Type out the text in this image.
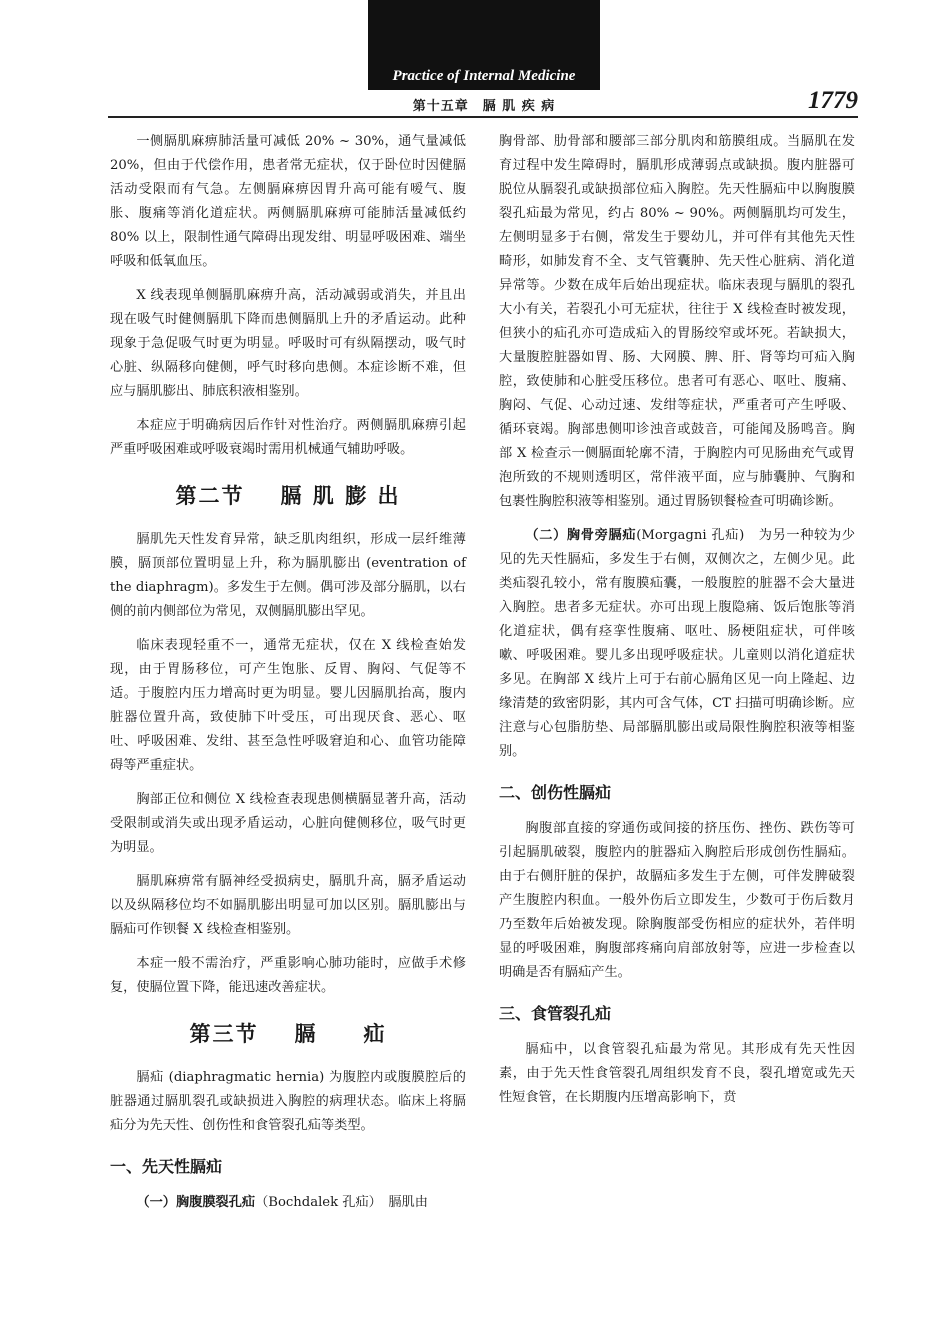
Practice of Internal Medicine
第十五章　膈 肌 疾 病	1779

一侧膈肌麻痹肺活量可减低 20% ~ 30%，通气量减低 20%，但由于代偿作用，患者常无症状，仅于卧位时因健膈活动受限而有气急。左侧膈麻痹因胃升高可能有嗳气、腹胀、腹痛等消化道症状。两侧膈肌麻痹可能肺活量减低约 80% 以上，限制性通气障碍出现发绀、明显呼吸困难、端坐呼吸和低氧血压。

X 线表现单侧膈肌麻痹升高，活动减弱或消失，并且出现在吸气时健侧膈肌下降而患侧膈肌上升的矛盾运动。此种现象于急促吸气时更为明显。呼吸时可有纵隔摆动，吸气时心脏、纵隔移向健侧，呼气时移向患侧。本症诊断不难，但应与膈肌膨出、肺底积液相鉴别。

本症应于明确病因后作针对性治疗。两侧膈肌麻痹引起严重呼吸困难或呼吸衰竭时需用机械通气辅助呼吸。

第二节 膈 肌 膨 出

膈肌先天性发育异常，缺乏肌肉组织，形成一层纤维薄膜，膈顶部位置明显上升，称为膈肌膨出 (eventration of the diaphragm)。多发生于左侧。偶可涉及部分膈肌，以右侧的前内侧部位为常见，双侧膈肌膨出罕见。

临床表现轻重不一，通常无症状，仅在 X 线检查始发现，由于胃肠移位，可产生饱胀、反胃、胸闷、气促等不适。于腹腔内压力增高时更为明显。婴儿因膈肌抬高，腹内脏器位置升高，致使肺下叶受压，可出现厌食、恶心、呕吐、呼吸困难、发绀、甚至急性呼吸窘迫和心、血管功能障碍等严重症状。

胸部正位和侧位 X 线检查表现患侧横膈显著升高，活动受限制或消失或出现矛盾运动，心脏向健侧移位，吸气时更为明显。

膈肌麻痹常有膈神经受损病史，膈肌升高，膈矛盾运动以及纵隔移位均不如膈肌膨出明显可加以区别。膈肌膨出与膈疝可作钡餐 X 线检查相鉴别。

本症一般不需治疗，严重影响心肺功能时，应做手术修复，使膈位置下降，能迅速改善症状。

第三节 膈　　疝

膈疝 (diaphragmatic hernia) 为腹腔内或腹膜腔后的脏器通过膈肌裂孔或缺损进入胸腔的病理状态。临床上将膈疝分为先天性、创伤性和食管裂孔疝等类型。

一、先天性膈疝

（一）胸腹膜裂孔疝（Bochdalek 孔疝）　膈肌由

胸骨部、肋骨部和腰部三部分肌肉和筋膜组成。当膈肌在发育过程中发生障碍时，膈肌形成薄弱点或缺损。腹内脏器可脱位从膈裂孔或缺损部位疝入胸腔。先天性膈疝中以胸腹膜裂孔疝最为常见，约占 80% ~ 90%。两侧膈肌均可发生，左侧明显多于右侧，常发生于婴幼儿，并可伴有其他先天性畸形，如肺发育不全、支气管囊肿、先天性心脏病、消化道异常等。少数在成年后始出现症状。临床表现与膈肌的裂孔大小有关，若裂孔小可无症状，往往于 X 线检查时被发现，但狭小的疝孔亦可造成疝入的胃肠绞窄或坏死。若缺损大，大量腹腔脏器如胃、肠、大网膜、脾、肝、肾等均可疝入胸腔，致使肺和心脏受压移位。患者可有恶心、呕吐、腹痛、胸闷、气促、心动过速、发绀等症状，严重者可产生呼吸、循环衰竭。胸部患侧叩诊浊音或鼓音，可能闻及肠鸣音。胸部 X 检查示一侧膈面轮廓不清，于胸腔内可见肠曲充气或胃泡所致的不规则透明区，常伴液平面，应与肺囊肿、气胸和包裹性胸腔积液等相鉴别。通过胃肠钡餐检查可明确诊断。

（二）胸骨旁膈疝(Morgagni 孔疝)　为另一种较为少见的先天性膈疝，多发生于右侧，双侧次之，左侧少见。此类疝裂孔较小，常有腹膜疝囊，一般腹腔的脏器不会大量进入胸腔。患者多无症状。亦可出现上腹隐痛、饭后饱胀等消化道症状，偶有痉挛性腹痛、呕吐、肠梗阻症状，可伴咳嗽、呼吸困难。婴儿多出现呼吸症状。儿童则以消化道症状多见。在胸部 X 线片上可于右前心膈角区见一向上隆起、边缘清楚的致密阴影，其内可含气体，CT 扫描可明确诊断。应注意与心包脂肪垫、局部膈肌膨出或局限性胸腔积液等相鉴别。

二、创伤性膈疝

胸腹部直接的穿通伤或间接的挤压伤、挫伤、跌伤等可引起膈肌破裂，腹腔内的脏器疝入胸腔后形成创伤性膈疝。由于右侧肝脏的保护，故膈疝多发生于左侧，可伴发脾破裂产生腹腔内积血。一般外伤后立即发生，少数可于伤后数月乃至数年后始被发现。除胸腹部受伤相应的症状外，若伴明显的呼吸困难，胸腹部疼痛向肩部放射等，应进一步检查以明确是否有膈疝产生。

三、食管裂孔疝

膈疝中，以食管裂孔疝最为常见。其形成有先天性因素，由于先天性食管裂孔周组织发育不良，裂孔增宽或先天性短食管，在长期腹内压增高影响下，贲
